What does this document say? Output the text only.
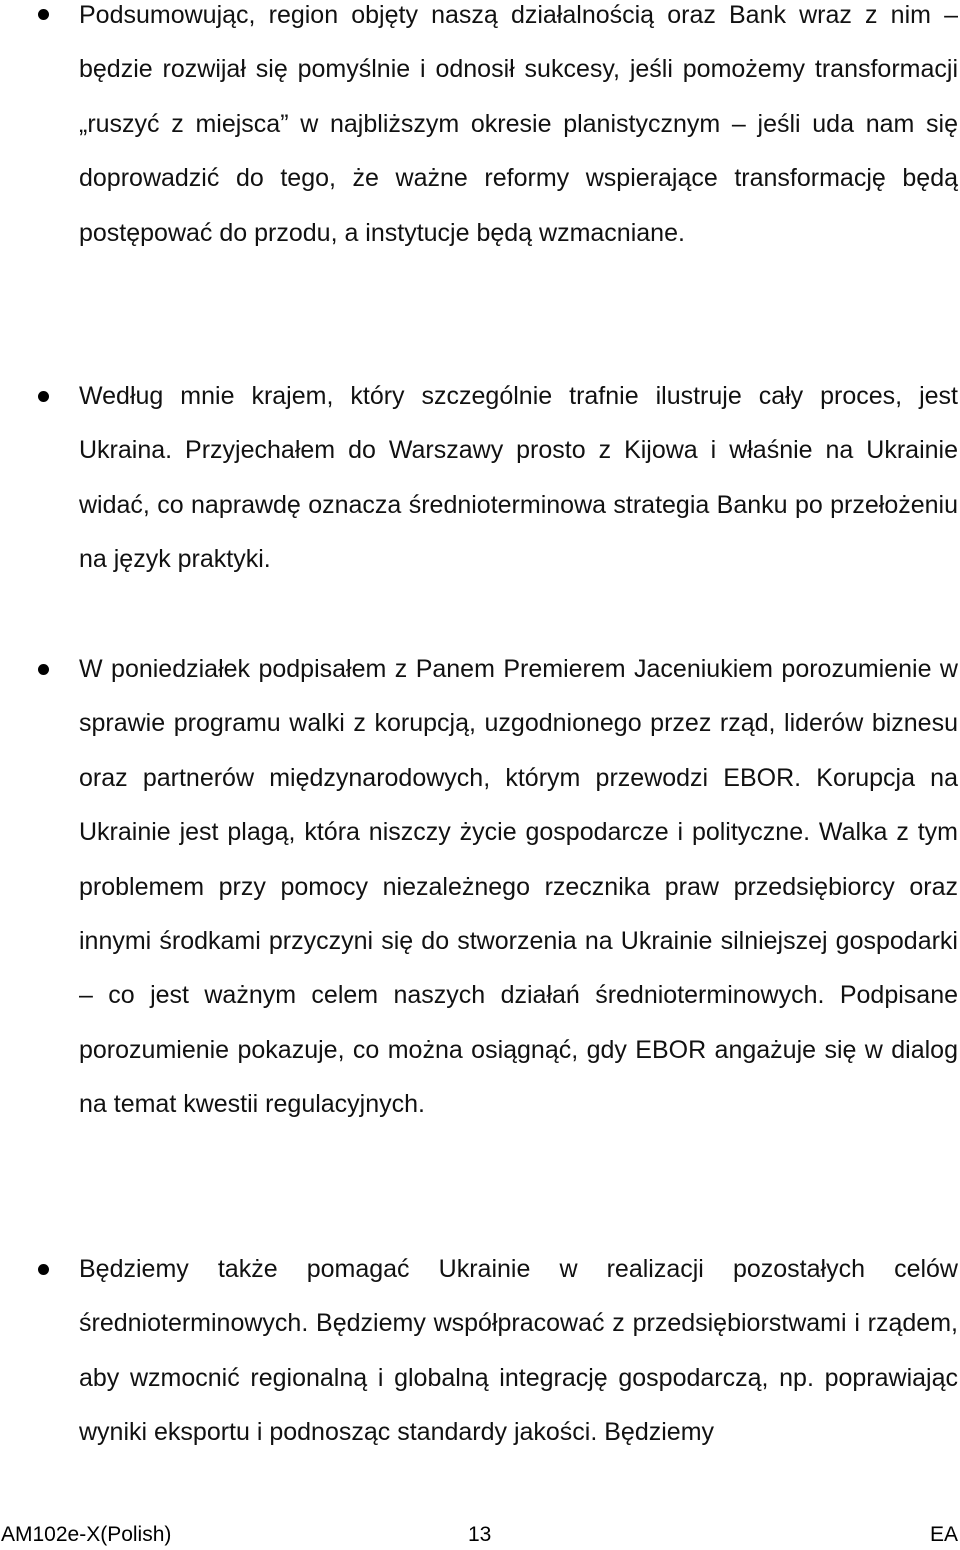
Podsumowując, region objęty naszą działalnością oraz Bank wraz z nim – będzie rozwijał się pomyślnie i odnosił sukcesy, jeśli pomożemy transformacji „ruszyć z miejsca” w najbliższym okresie planistycznym – jeśli uda nam się doprowadzić do tego, że ważne reformy wspierające transformację będą postępować do przodu, a instytucje będą wzmacniane.

Według mnie krajem, który szczególnie trafnie ilustruje cały proces, jest Ukraina. Przyjechałem do Warszawy prosto z Kijowa i właśnie na Ukrainie widać, co naprawdę oznacza średnioterminowa strategia Banku po przełożeniu na język praktyki.

W poniedziałek podpisałem z Panem Premierem Jaceniukiem porozumienie w sprawie programu walki z korupcją, uzgodnionego przez rząd, liderów biznesu oraz partnerów międzynarodowych, którym przewodzi EBOR. Korupcja na Ukrainie jest plagą, która niszczy życie gospodarcze i polityczne. Walka z tym problemem przy pomocy niezależnego rzecznika praw przedsiębiorcy oraz innymi środkami przyczyni się do stworzenia na Ukrainie silniejszej gospodarki – co jest ważnym celem naszych działań średnioterminowych. Podpisane porozumienie pokazuje, co można osiągnąć, gdy EBOR angażuje się w dialog na temat kwestii regulacyjnych.

Będziemy także pomagać Ukrainie w realizacji pozostałych celów średnioterminowych. Będziemy współpracować z przedsiębiorstwami i rządem, aby wzmocnić regionalną i globalną integrację gospodarczą, np. poprawiając wyniki eksportu i podnosząc standardy jakości. Będziemy

AM102e-X(Polish)	13	EA
